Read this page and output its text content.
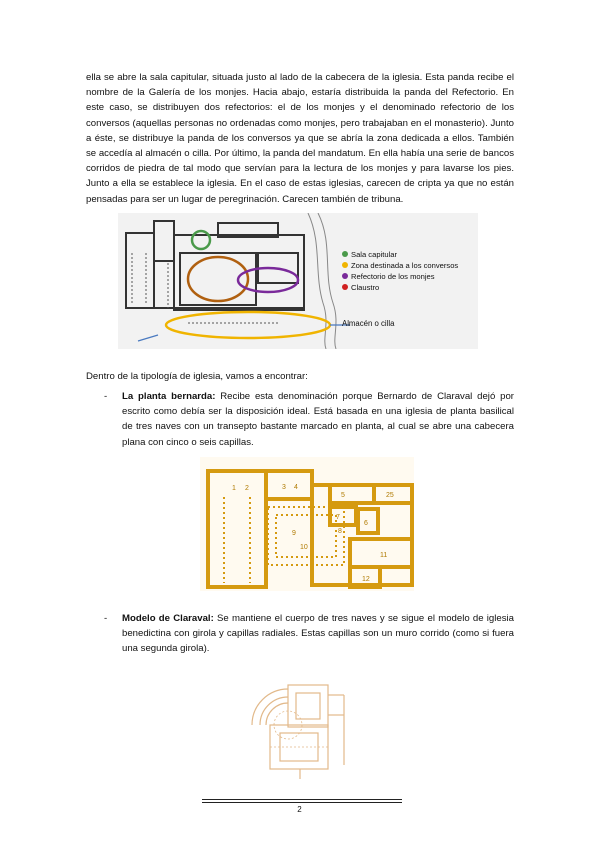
ella se abre la sala capitular, situada justo al lado de la cabecera de la iglesia. Esta panda recibe el nombre de la Galería de los monjes. Hacia abajo, estaría distribuida la panda del Refectorio. En este caso, se distribuyen dos refectorios: el de los monjes y el denominado refectorio de los conversos (aquellas personas no ordenadas como monjes, pero trabajaban en el monasterio). Junto a éste, se distribuye la panda de los conversos ya que se abría la zona dedicada a ellos. También se accedía al almacén o cilla. Por último, la panda del mandatum. En ella había una serie de bancos corridos de piedra de tal modo que servían para la lectura de los monjes y para lavarse los pies. Junto a ella se establece la iglesia. En el caso de estas iglesias, carecen de cripta ya que no están pensadas para ser un lugar de peregrinación. Carecen también de tribuna.

Sala capitular
Zona destinada a los conversos
Refectorio de los monjes
Claustro
Almacén o cilla

Dentro de la tipología de iglesia, vamos a encontrar:

- La planta bernarda: Recibe esta denominación porque Bernardo de Claraval dejó por escrito como debía ser la disposición ideal. Está basada en una iglesia de planta basilical de tres naves con un transepto bastante marcado en planta, al cual se abre una cabecera plana con cinco o seis capillas.
1 2	3 4
5	25
7
6
8
9
10
11
12
- Modelo de Claraval: Se mantiene el cuerpo de tres naves y se sigue el modelo de iglesia benedictina con girola y capillas radiales. Estas capillas son un muro corrido (como si fuera una segunda girola).
2
